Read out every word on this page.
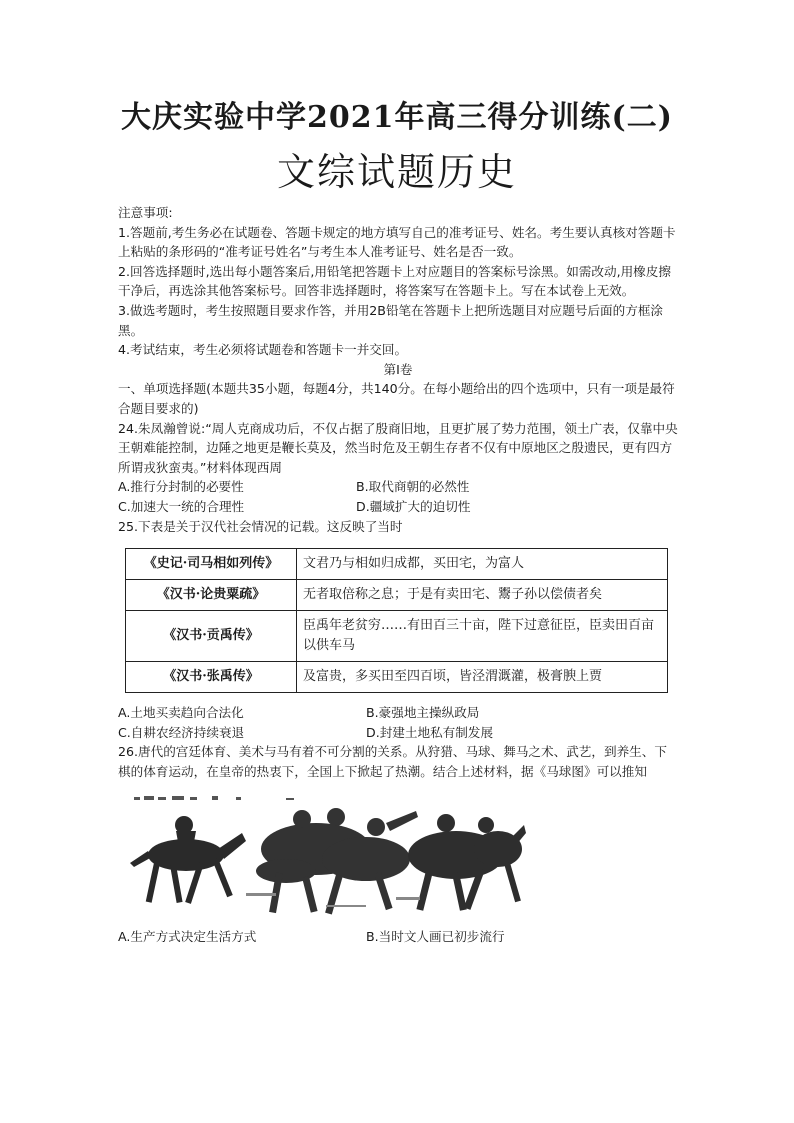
大庆实验中学2021年高三得分训练(二)
文综试题历史

注意事项:

1.答题前,考生务必在试题卷、答题卡规定的地方填写自己的准考证号、姓名。考生要认真核对答题卡上粘贴的条形码的“准考证号姓名”与考生本人准考证号、姓名是否一致。

2.回答选择题时,选出每小题答案后,用铅笔把答题卡上对应题目的答案标号涂黑。如需改动,用橡皮擦干净后，再选涂其他答案标号。回答非选择题时，将答案写在答题卡上。写在本试卷上无效。

3.做选考题时，考生按照题目要求作答，并用2B铅笔在答题卡上把所选题目对应题号后面的方框涂黑。

4.考试结束，考生必须将试题卷和答题卡一并交回。

第I卷

一、单项选择题(本题共35小题，每题4分，共140分。在每小题给出的四个选项中，只有一项是最符合题目要求的)

24.朱凤瀚曾说:“周人克商成功后，不仅占据了殷商旧地，且更扩展了势力范围，领土广表，仅靠中央王朝难能控制，边陲之地更是鞭长莫及，然当时危及王朝生存者不仅有中原地区之殷遗民，更有四方所谓戎狄蛮夷。”材料体现西周

A.推行分封制的必要性	B.取代商朝的必然性
C.加速大一统的合理性	D.疆域扩大的迫切性

25.下表是关于汉代社会情况的记载。这反映了当时

《史记·司马相如列传》	文君乃与相如归成都，买田宅，为富人
《汉书·论贵粟疏》	无者取倍称之息；于是有卖田宅、鬻子孙以偿债者矣
《汉书·贡禹传》	臣禹年老贫穷……有田百三十亩，陛下过意征臣，臣卖田百亩以供车马
《汉书·张禹传》	及富贵，多买田至四百顷，皆泾渭溉灌，极膏腴上贾
A.土地买卖趋向合法化	B.豪强地主操纵政局
C.自耕农经济持续衰退	D.封建土地私有制发展

26.唐代的宫廷体育、美术与马有着不可分割的关系。从狩猎、马球、舞马之术、武艺，到养生、下棋的体育运动，在皇帝的热衷下，全国上下掀起了热潮。结合上述材料，据《马球图》可以推知

A.生产方式决定生活方式	B.当时文人画已初步流行
